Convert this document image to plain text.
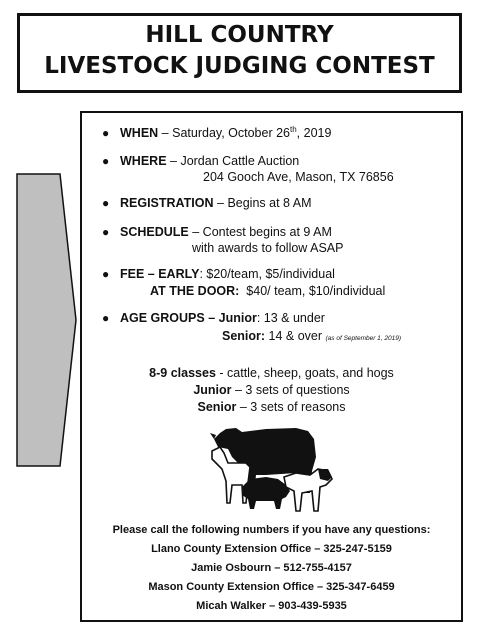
HILL COUNTRY
LIVESTOCK JUDGING CONTEST
● WHEN – Saturday, October 26th, 2019
● WHERE – Jordan Cattle Auction
204 Gooch Ave, Mason, TX 76856
● REGISTRATION – Begins at 8 AM
● SCHEDULE – Contest begins at 9 AM
with awards to follow ASAP
● FEE – EARLY: $20/team, $5/individual
AT THE DOOR:  $40/ team, $10/individual
● AGE GROUPS – Junior: 13 & under
Senior: 14 & over (as of September 1, 2019)
8-9 classes - cattle, sheep, goats, and hogs
Junior – 3 sets of questions
Senior – 3 sets of reasons
Please call the following numbers if you have any questions:
Llano County Extension Office – 325-247-5159
Jamie Osbourn – 512-755-4157
Mason County Extension Office – 325-347-6459
Micah Walker – 903-439-5935
